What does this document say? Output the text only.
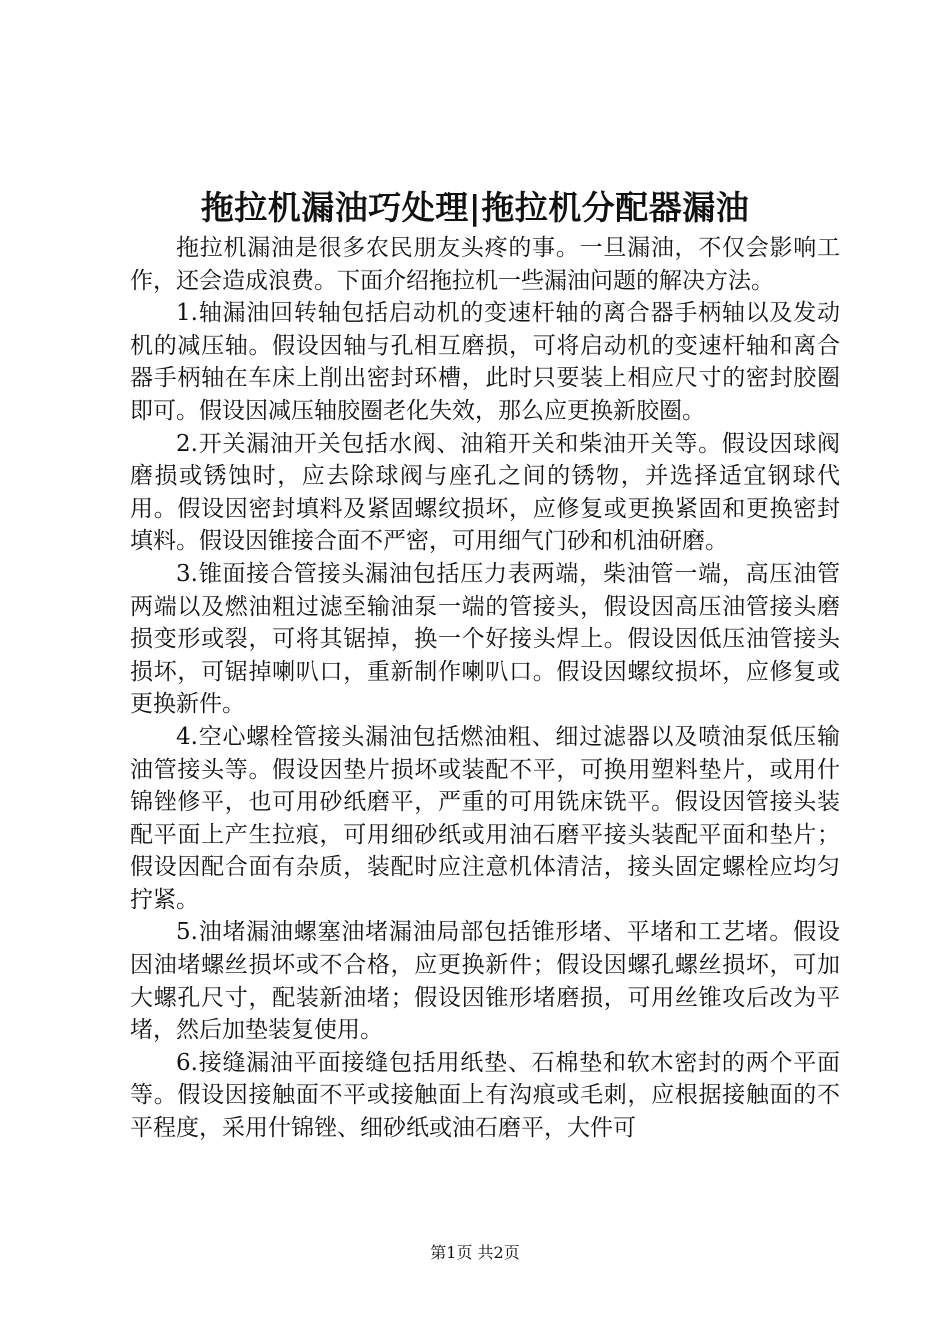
拖拉机漏油巧处理|拖拉机分配器漏油

拖拉机漏油是很多农民朋友头疼的事。一旦漏油，不仅会影响工作，还会造成浪费。下面介绍拖拉机一些漏油问题的解决方法。

1.轴漏油回转轴包括启动机的变速杆轴的离合器手柄轴以及发动机的减压轴。假设因轴与孔相互磨损，可将启动机的变速杆轴和离合器手柄轴在车床上削出密封环槽，此时只要装上相应尺寸的密封胶圈即可。假设因减压轴胶圈老化失效，那么应更换新胶圈。

2.开关漏油开关包括水阀、油箱开关和柴油开关等。假设因球阀磨损或锈蚀时，应去除球阀与座孔之间的锈物，并选择适宜钢球代用。假设因密封填料及紧固螺纹损坏，应修复或更换紧固和更换密封填料。假设因锥接合面不严密，可用细气门砂和机油研磨。

3.锥面接合管接头漏油包括压力表两端，柴油管一端，高压油管两端以及燃油粗过滤至输油泵一端的管接头，假设因高压油管接头磨损变形或裂，可将其锯掉，换一个好接头焊上。假设因低压油管接头损坏，可锯掉喇叭口，重新制作喇叭口。假设因螺纹损坏，应修复或更换新件。

4.空心螺栓管接头漏油包括燃油粗、细过滤器以及喷油泵低压输油管接头等。假设因垫片损坏或装配不平，可换用塑料垫片，或用什锦锉修平，也可用砂纸磨平，严重的可用铣床铣平。假设因管接头装配平面上产生拉痕，可用细砂纸或用油石磨平接头装配平面和垫片；假设因配合面有杂质，装配时应注意机体清洁，接头固定螺栓应均匀拧紧。

5.油堵漏油螺塞油堵漏油局部包括锥形堵、平堵和工艺堵。假设因油堵螺丝损坏或不合格，应更换新件；假设因螺孔螺丝损坏，可加大螺孔尺寸，配装新油堵；假设因锥形堵磨损，可用丝锥攻后改为平堵，然后加垫装复使用。

6.接缝漏油平面接缝包括用纸垫、石棉垫和软木密封的两个平面等。假设因接触面不平或接触面上有沟痕或毛刺，应根据接触面的不平程度，采用什锦锉、细砂纸或油石磨平，大件可

第1页 共2页
